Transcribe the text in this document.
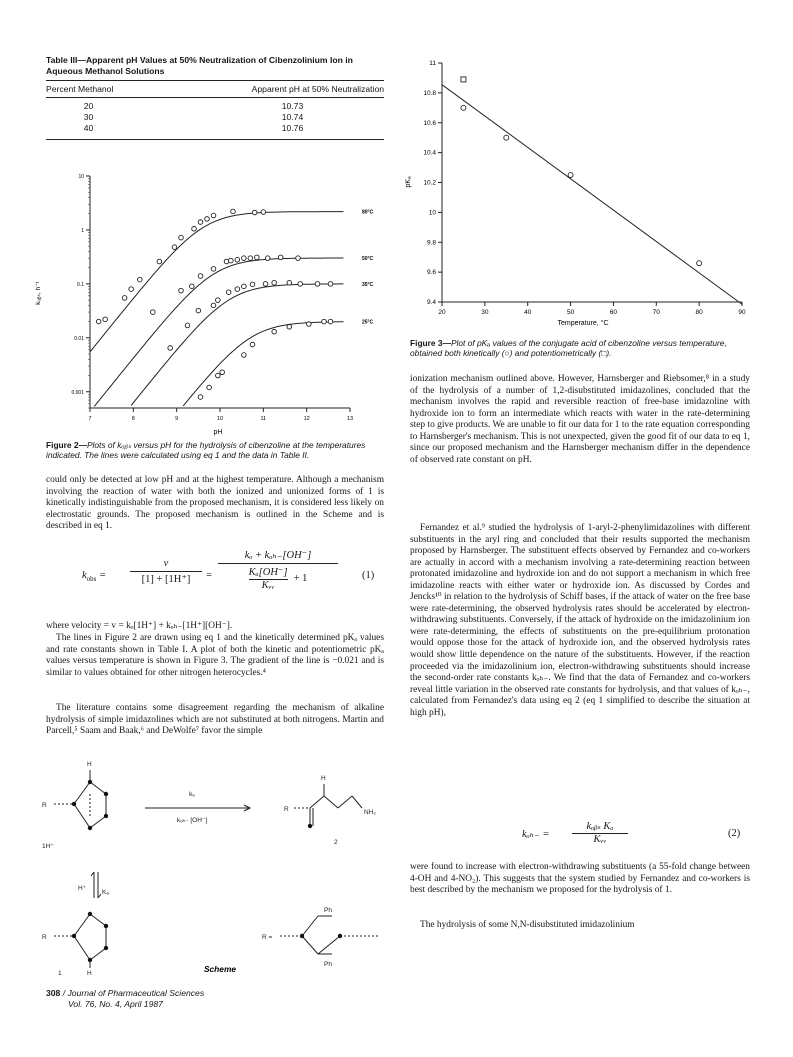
Table III—Apparent pH Values at 50% Neutralization of Cibenzolinium Ion in Aqueous Methanol Solutions
Percent Methanol	Apparent pH at 50% Neutralization
20	10.73
30	10.74
40	10.76
7	8	9	10	11	12	13
10
1
0.1
0.01
0.001
80°C
50°C
35°C
25°C
pH
kₒᵦₛ, h⁻¹
Figure 2—Plots of kₒᵦₛ versus pH for the hydrolysis of cibenzoline at the temperatures indicated. The lines were calculated using eq 1 and the data in Table II.
could only be detected at low pH and at the highest temperature. Although a mechanism involving the reaction of water with both the ionized and unionized forms of 1 is kinetically indistinguishable from the proposed mechanism, it is considered less likely on electrostatic grounds. The proposed mechanism is outlined in the Scheme and is described in eq 1.
$k_{obs} = \frac{v}{[1] + [1H^+]}$ =
kₒ + kₒₕ₋[OH⁻]
Kₐ[OH⁻]
Kᵥᵥ
+ 1	(1)
where velocity = v = kₒ[1H⁺] + kₒₕ₋[1H⁺][OH⁻].
The lines in Figure 2 are drawn using eq 1 and the kinetically determined pKₐ values and rate constants shown in Table I. A plot of both the kinetic and potentiometric pKₐ values versus temperature is shown in Figure 3. The gradient of the line is −0.021 and is similar to values obtained for other nitrogen heterocycles.⁴
The literature contains some disagreement regarding the mechanism of alkaline hydrolysis of simple imidazolines which are not substituted at both nitrogens. Martin and Parcell,⁵ Saam and Baak,⁶ and DeWolfe⁷ favor the simple
H
R
1H⁺
H⁺
Kₐ
R
H
1
kₒ
kₒₕ₋ [OH⁻]
R
H
NH₂
2
Ph
Ph
R =
Scheme
20	30	40	50	60	70	80	90
11
10.8
10.6
10.4
10.2
10
9.8
9.6
9.4
Temperature, °C
pKₐ
Figure 3—Plot of pKₐ values of the conjugate acid of cibenzoline versus temperature, obtained both kinetically (○) and potentiometrically (□).
ionization mechanism outlined above. However, Harnsberger and Riebsomer,⁸ in a study of the hydrolysis of a number of 1,2-disubstituted imidazolines, concluded that the mechanism involves the rapid and reversible reaction of free-base imidazoline with hydroxide ion to form an intermediate which reacts with water in the rate-determining step to give products. We are unable to fit our data for 1 to the rate equation corresponding to Harnsberger's mechanism. This is not unexpected, given the good fit of our data to eq 1, since our proposed mechanism and the Harnsberger mechanism differ in the dependence of observed rate constant on pH.
Fernandez et al.⁹ studied the hydrolysis of 1-aryl-2-phenylimidazolines with different substituents in the aryl ring and concluded that their results supported the mechanism proposed by Harnsberger. The substituent effects observed by Fernandez and co-workers are actually in accord with a mechanism involving a rate-determining reaction between protonated imidazoline and hydroxide ion and do not support a mechanism in which free imidazoline reacts with either water or hydroxide ion. As discussed by Cordes and Jencks¹⁰ in relation to the hydrolysis of Schiff bases, if the attack of water on the free base were rate-determining, the observed hydrolysis rates should be accelerated by electron-withdrawing substituents. Conversely, if the attack of hydroxide on the imidazolinium ion were rate-determining, the effects of substituents on the pre-equilibrium protonation would oppose those for the attack of hydroxide ion, and the observed hydrolysis rates would show little dependence on the nature of the substituents. However, if the reaction proceeded via the imidazolinium ion, electron-withdrawing substituents should increase the second-order rate constants kₒₕ₋. We find that the data of Fernandez and co-workers reveal little variation in the observed rate constants for hydrolysis, and that values of kₒₕ₋, calculated from Fernandez's data using eq 2 (eq 1 simplified to describe the situation at high pH),
kₒₕ₋ =
kₒᵦₛ Kₐ
Kᵥᵥ
(2)
were found to increase with electron-withdrawing substituents (a 55-fold change between 4-OH and 4-NO₂). This suggests that the system studied by Fernandez and co-workers is best described by the mechanism we proposed for the hydrolysis of 1.
The hydrolysis of some N,N-disubstituted imidazolinium
308 / Journal of Pharmaceutical Sciences
Vol. 76, No. 4, April 1987
